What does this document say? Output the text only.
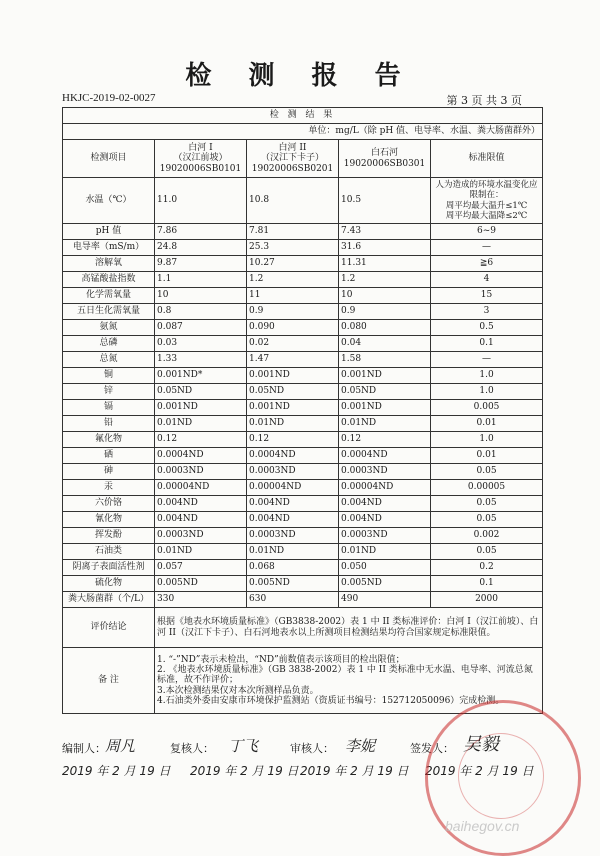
检 测 报 告
HKJC-2019-02-0027	第 3 页 共 3 页
检 测 结 果				
单位：mg/L（除 pH 值、电导率、水温、粪大肠菌群外）				
检测项目	白河 I
（汉江前坡）
19020006SB0101	白河 II
（汉江下卡子）
19020006SB0201	白石河
19020006SB0301	标准限值
水温（℃）	11.0	10.8	10.5	人为造成的环境水温变化应限制在：
周平均最大温升≤1℃
周平均最大温降≤2℃
pH 值	7.86	7.81	7.43	6~9
电导率（mS/m）	24.8	25.3	31.6	—
溶解氧	9.87	10.27	11.31	≧6
高锰酸盐指数	1.1	1.2	1.2	4
化学需氧量	10	11	10	15
五日生化需氧量	0.8	0.9	0.9	3
氨氮	0.087	0.090	0.080	0.5
总磷	0.03	0.02	0.04	0.1
总氮	1.33	1.47	1.58	—
铜	0.001ND*	0.001ND	0.001ND	1.0
锌	0.05ND	0.05ND	0.05ND	1.0
镉	0.001ND	0.001ND	0.001ND	0.005
铅	0.01ND	0.01ND	0.01ND	0.01
氟化物	0.12	0.12	0.12	1.0
硒	0.0004ND	0.0004ND	0.0004ND	0.01
砷	0.0003ND	0.0003ND	0.0003ND	0.05
汞	0.00004ND	0.00004ND	0.00004ND	0.00005
六价铬	0.004ND	0.004ND	0.004ND	0.05
氰化物	0.004ND	0.004ND	0.004ND	0.05
挥发酚	0.0003ND	0.0003ND	0.0003ND	0.002
石油类	0.01ND	0.01ND	0.01ND	0.05
阴离子表面活性剂	0.057	0.068	0.050	0.2
硫化物	0.005ND	0.005ND	0.005ND	0.1
粪大肠菌群（个/L）	330	630	490	2000
评价结论	根据《地表水环境质量标准》（GB3838-2002）表 1 中 II 类标准评价：白河 I（汉江前坡）、白河 II（汉江下卡子）、白石河地表水以上所测项目检测结果均符合国家规定标准限值。			
备 注	1. “-”ND”表示未检出，“ND”前数值表示该项目的检出限值；
2. 《地表水环境质量标准》（GB 3838-2002）表 1 中 II 类标准中无水温、电导率、河流总氮标准，故不作评价；
3.本次检测结果仅对本次所测样品负责。
4.石油类外委由安康市环境保护监测站（资质证书编号：152712050096）完成检测。			
编制人： 周凡	复核人： 丁飞	审核人： 李妮	签发人： 吴毅
2019 年 2 月 19 日 2019 年 2 月 19 日 2019 年 2 月 19 日 2019 年 2 月 19 日
baihegov.cn
